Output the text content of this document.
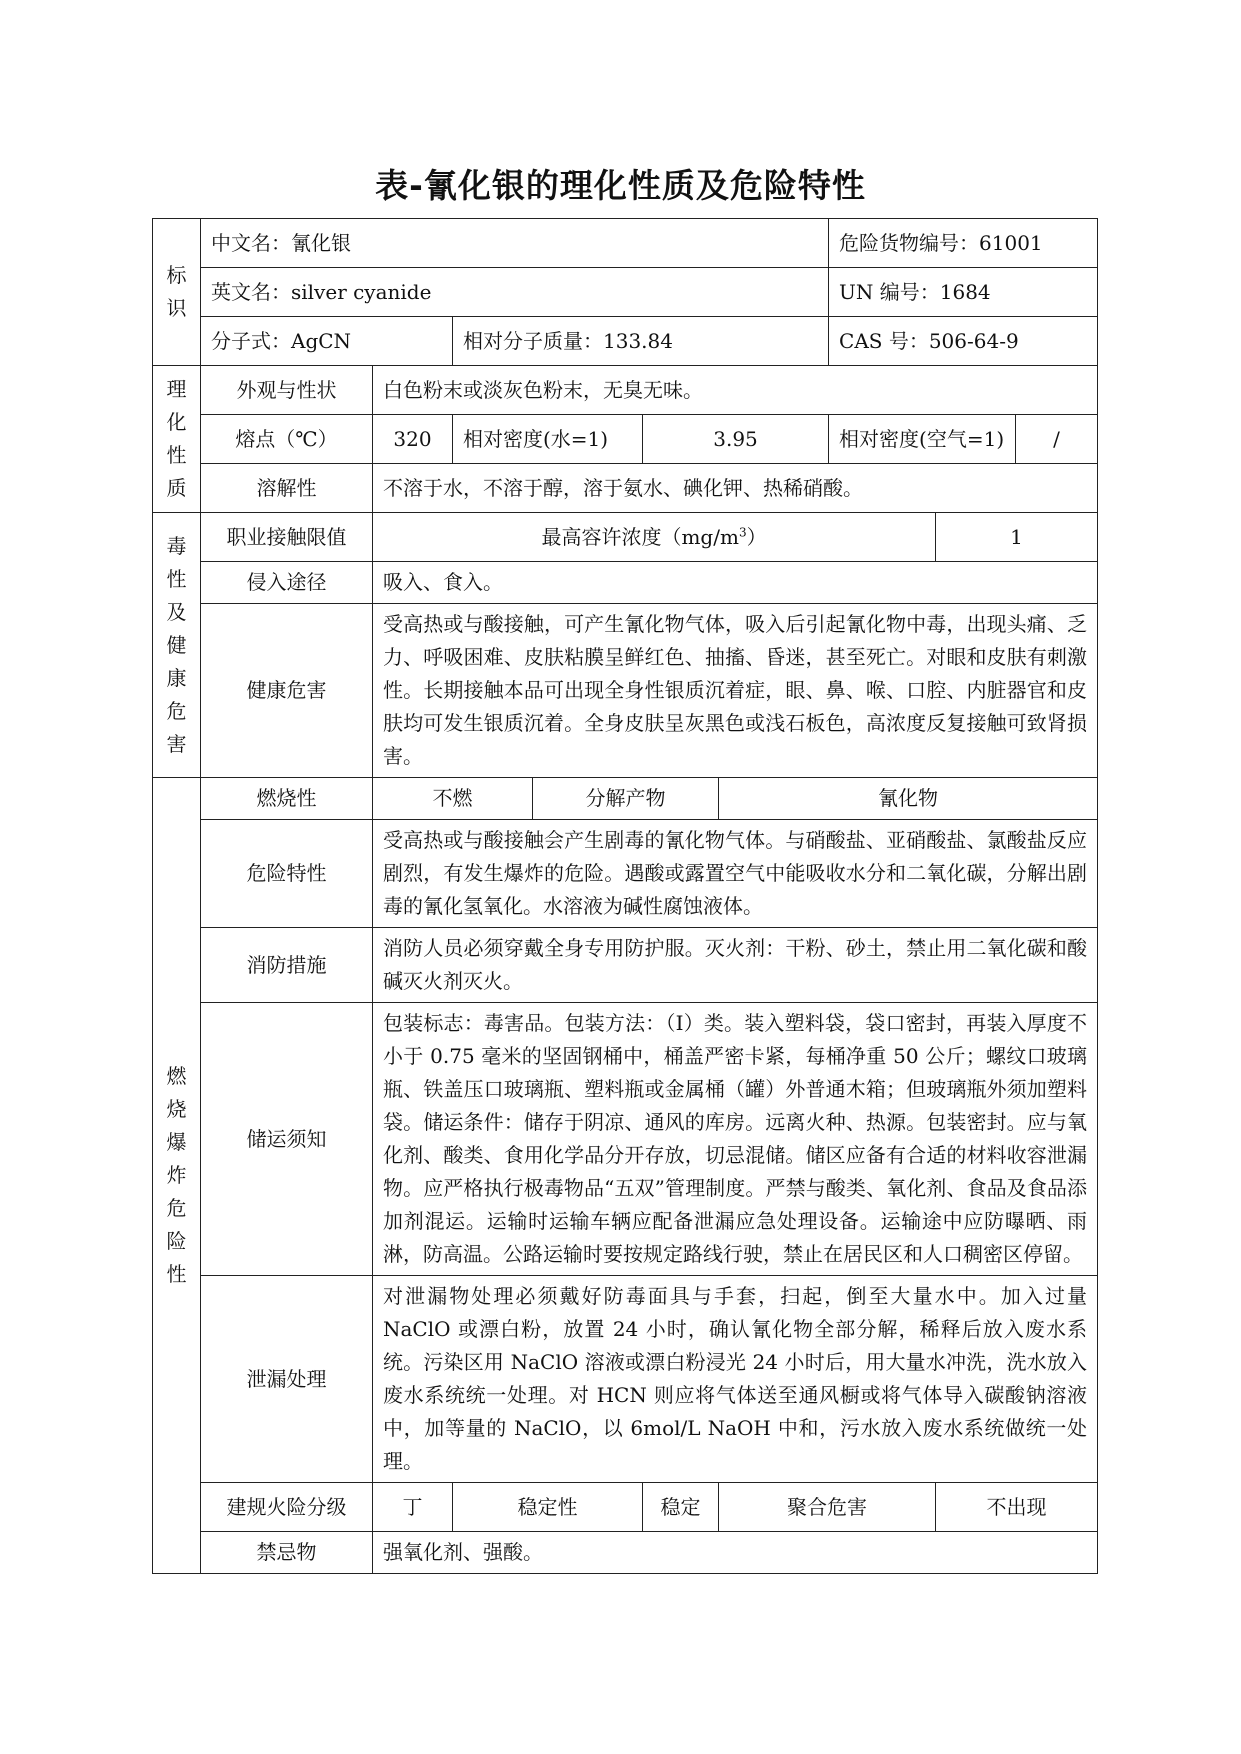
表-氰化银的理化性质及危险特性
标识	中文名：氰化银						危险货物编号：61001		
	英文名：silver cyanide						UN 编号：1684		
	分子式：AgCN		相对分子质量：133.84				CAS 号：506-64-9		
理化性质	外观与性状	白色粉末或淡灰色粉末，无臭无味。							
	熔点（℃）	320	相对密度(水=1)		3.95		相对密度(空气=1)		/
	溶解性	不溶于水，不溶于醇，溶于氨水、碘化钾、热稀硝酸。							
毒性及健康危害	职业接触限值	最高容许浓度$(mg/m^3)$						1	
	侵入途径	吸入、食入。							
	健康危害	受高热或与酸接触，可产生氰化物气体，吸入后引起氰化物中毒，出现头痛、乏力、呼吸困难、皮肤粘膜呈鲜红色、抽搐、昏迷，甚至死亡。对眼和皮肤有刺激性。长期接触本品可出现全身性银质沉着症，眼、鼻、喉、口腔、内脏器官和皮肤均可发生银质沉着。全身皮肤呈灰黑色或浅石板色，高浓度反复接触可致肾损害。							
燃烧爆炸危险性	燃烧性	不燃		分解产物		氰化物			
	危险特性	受高热或与酸接触会产生剧毒的氰化物气体。与硝酸盐、亚硝酸盐、氯酸盐反应剧烈，有发生爆炸的危险。遇酸或露置空气中能吸收水分和二氧化碳，分解出剧毒的氰化氢氧化。水溶液为碱性腐蚀液体。							
	消防措施	消防人员必须穿戴全身专用防护服。灭火剂：干粉、砂土，禁止用二氧化碳和酸碱灭火剂灭火。							
	储运须知	包装标志：毒害品。包装方法：（I）类。装入塑料袋，袋口密封，再装入厚度不小于 0.75 毫米的坚固钢桶中，桶盖严密卡紧，每桶净重 50 公斤；螺纹口玻璃瓶、铁盖压口玻璃瓶、塑料瓶或金属桶（罐）外普通木箱；但玻璃瓶外须加塑料袋。储运条件：储存于阴凉、通风的库房。远离火种、热源。包装密封。应与氧化剂、酸类、食用化学品分开存放，切忌混储。储区应备有合适的材料收容泄漏物。应严格执行极毒物品“五双”管理制度。严禁与酸类、氧化剂、食品及食品添加剂混运。运输时运输车辆应配备泄漏应急处理设备。运输途中应防曝晒、雨淋，防高温。公路运输时要按规定路线行驶，禁止在居民区和人口稠密区停留。							
	泄漏处理	对泄漏物处理必须戴好防毒面具与手套，扫起，倒至大量水中。加入过量 NaClO 或漂白粉，放置 24 小时，确认氰化物全部分解，稀释后放入废水系统。污染区用 NaClO 溶液或漂白粉浸光 24 小时后，用大量水冲洗，洗水放入废水系统统一处理。对 HCN 则应将气体送至通风橱或将气体导入碳酸钠溶液中，加等量的 NaClO，以 6mol/L NaOH 中和，污水放入废水系统做统一处理。							
	建规火险分级	丁	稳定性		稳定	聚合危害		不出现	
	禁忌物	强氧化剂、强酸。							
